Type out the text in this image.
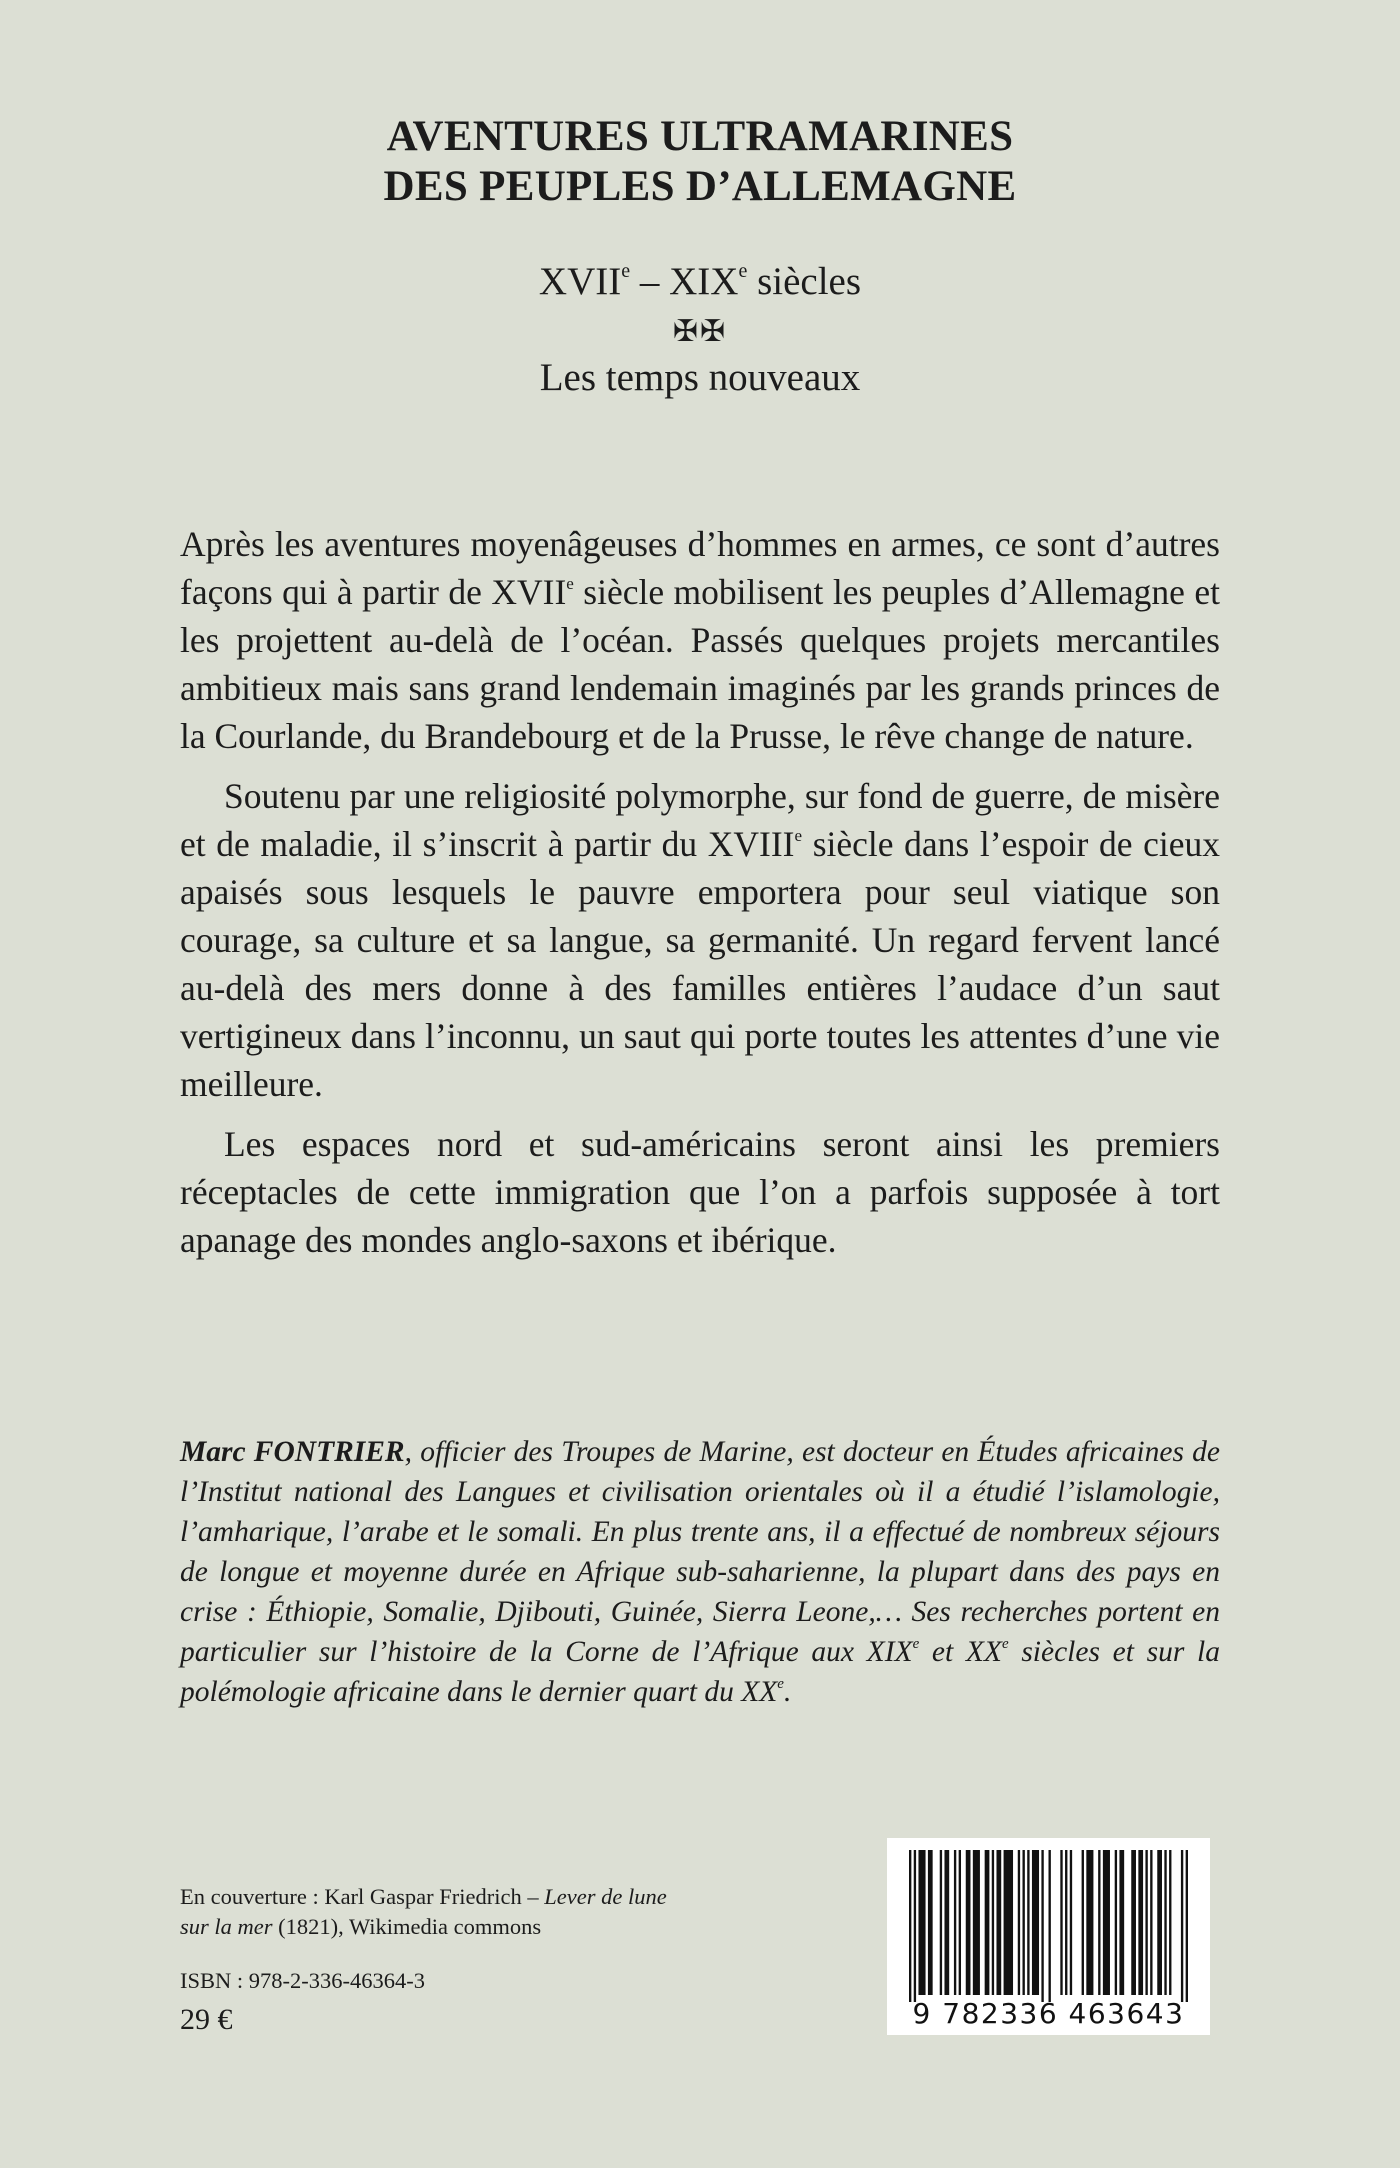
AVENTURES ULTRAMARINES
DES PEUPLES D’ALLEMAGNE
XVIIe – XIXe siècles
✠✠
Les temps nouveaux

Après les aventures moyenâgeuses d’hommes en armes, ce sont d’autres façons qui à partir de XVIIe siècle mobilisent les peuples d’Allemagne et les projettent au-delà de l’océan. Passés quelques projets mercantiles ambitieux mais sans grand lendemain imaginés par les grands princes de la Courlande, du Brandebourg et de la Prusse, le rêve change de nature.

Soutenu par une religiosité polymorphe, sur fond de guerre, de misère et de maladie, il s’inscrit à partir du XVIIIe siècle dans l’espoir de cieux apaisés sous lesquels le pauvre emportera pour seul viatique son courage, sa culture et sa langue, sa germanité. Un regard fervent lancé au-delà des mers donne à des familles entières l’audace d’un saut vertigineux dans l’inconnu, un saut qui porte toutes les attentes d’une vie meilleure.

Les espaces nord et sud-américains seront ainsi les premiers réceptacles de cette immigration que l’on a parfois supposée à tort apanage des mondes anglo-saxons et ibérique.

Marc FONTRIER, officier des Troupes de Marine, est docteur en Études africaines de l’Institut national des Langues et civilisation orientales où il a étudié l’islamologie, l’amharique, l’arabe et le somali. En plus trente ans, il a effectué de nombreux séjours de longue et moyenne durée en Afrique sub-saharienne, la plupart dans des pays en crise : Éthiopie, Somalie, Djibouti, Guinée, Sierra Leone,… Ses recherches portent en particulier sur l’histoire de la Corne de l’Afrique aux XIXe et XXe siècles et sur la polémologie africaine dans le dernier quart du XXe.

En couverture : Karl Gaspar Friedrich – Lever de lune sur la mer (1821), Wikimedia commons
ISBN : 978-2-336-46364-3
29 €	9 782336 463643
